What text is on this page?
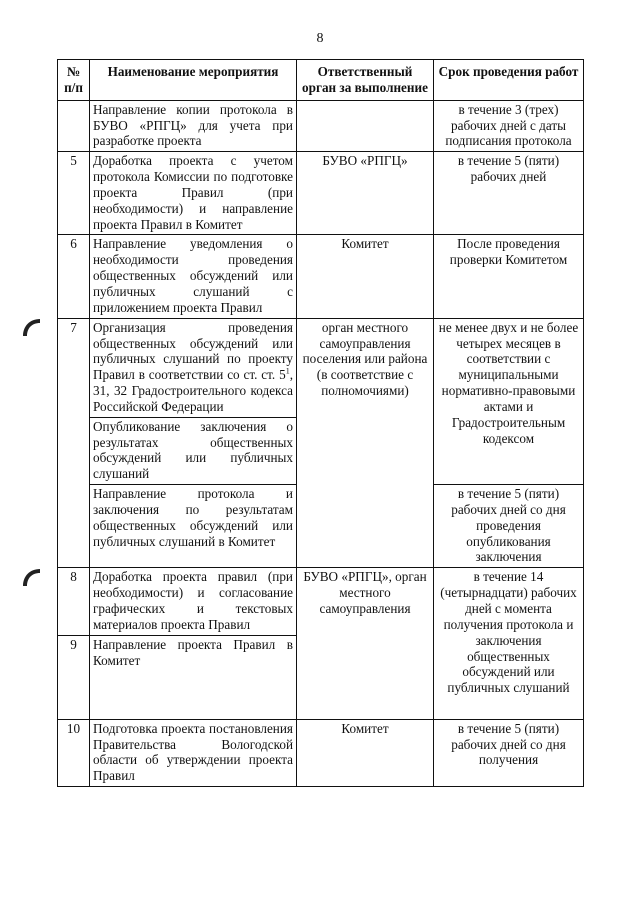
8
№ п/п	Наименование мероприятия	Ответственный орган за выполнение	Срок проведения работ
	Направление копии протокола в БУВО «РПГЦ» для учета при разработке проекта		в течение 3 (трех) рабочих дней с даты подписания протокола
5	Доработка проекта с учетом протокола Комиссии по подготовке проекта Правил (при необходимости) и направление проекта Правил в Комитет	БУВО «РПГЦ»	в течение 5 (пяти) рабочих дней
6	Направление уведомления о необходимости проведения общественных обсуждений или публичных слушаний с приложением проекта Правил	Комитет	После проведения проверки Комитетом
7	Организация проведения общественных обсуждений или публичных слушаний по проекту Правил в соответствии со ст. ст. $5^1$, 31, 32 Градостроительного кодекса Российской Федерации	орган местного самоуправления поселения или района (в соответствие с полномочиями)	не менее двух и не более четырех месяцев в соответствии с муниципальными нормативно-правовыми актами и Градостроительным кодексом
	Опубликование заключения о результатах общественных обсуждений или публичных слушаний		
	Направление протокола и заключения по результатам общественных обсуждений или публичных слушаний в Комитет		в течение 5 (пяти) рабочих дней со дня проведения опубликования заключения
8	Доработка проекта правил (при необходимости) и согласование графических и текстовых материалов проекта Правил	БУВО «РПГЦ», орган местного самоуправления	в течение 14 (четырнадцати) рабочих дней с момента получения протокола и заключения общественных обсуждений или публичных слушаний
9	Направление проекта Правил в Комитет		
10	Подготовка проекта постановления Правительства Вологодской области об утверждении проекта Правил	Комитет	в течение 5 (пяти) рабочих дней со дня получения
